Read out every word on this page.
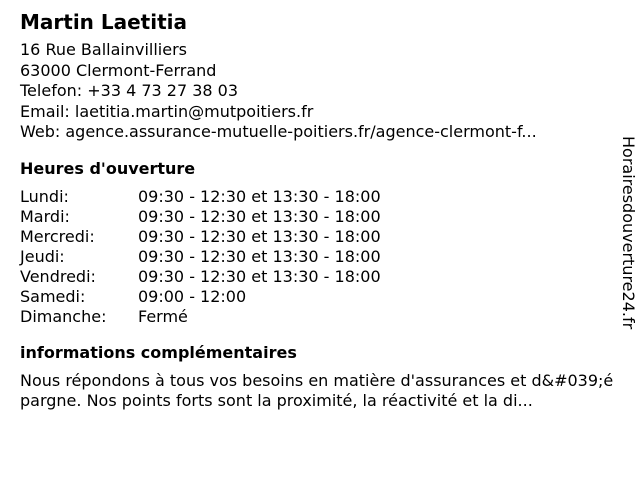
Martin Laetitia
16 Rue Ballainvilliers
63000 Clermont-Ferrand
Telefon: +33 4 73 27 38 03
Email: laetitia.martin@mutpoitiers.fr
Web: agence.assurance-mutuelle-poitiers.fr/agence-clermont-f...
Heures d'ouverture
Lundi:	09:30 - 12:30 et 13:30 - 18:00
Mardi:	09:30 - 12:30 et 13:30 - 18:00
Mercredi:	09:30 - 12:30 et 13:30 - 18:00
Jeudi:	09:30 - 12:30 et 13:30 - 18:00
Vendredi:	09:30 - 12:30 et 13:30 - 18:00
Samedi:	09:00 - 12:00
Dimanche:	Fermé
informations complémentaires
Nous répondons à tous vos besoins en matière d'assurances et d&#039;épargne. Nos points forts sont la proximité, la réactivité et la di...
Horairesdouverture24.fr
